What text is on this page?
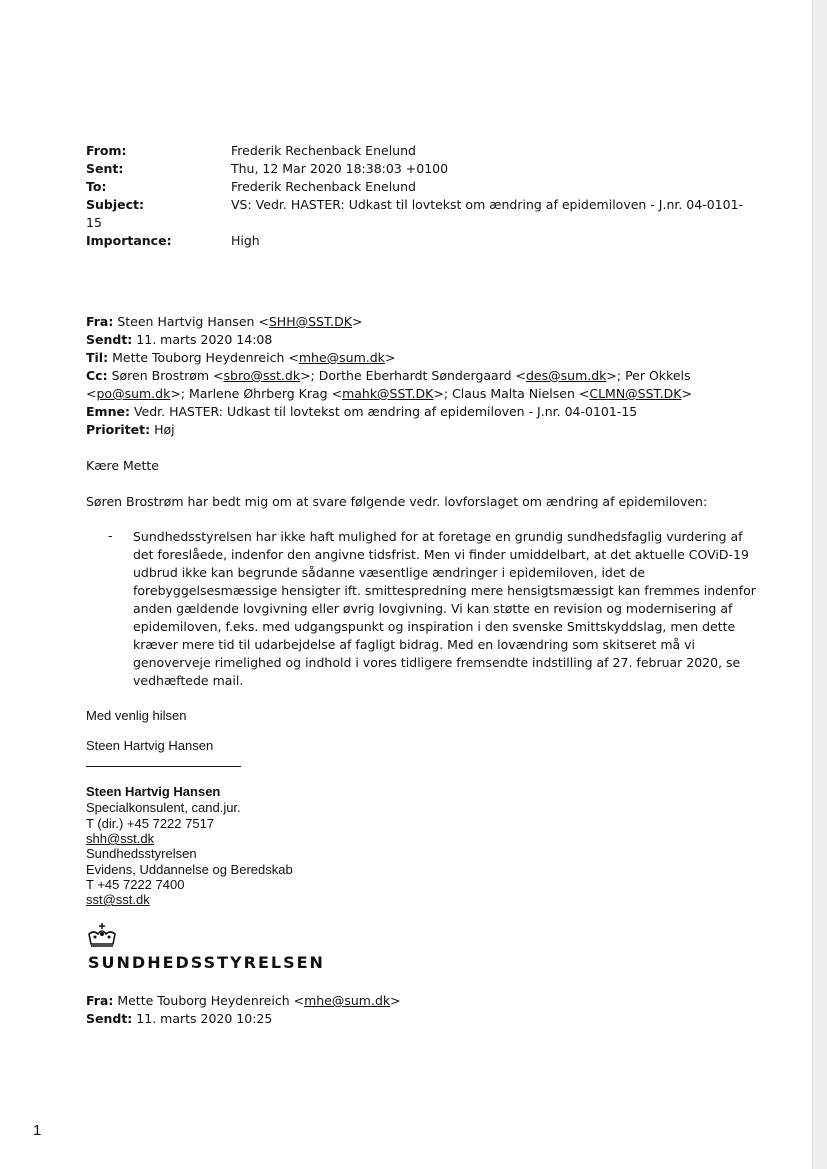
From:	Frederik Rechenback Enelund
Sent:	Thu, 12 Mar 2020 18:38:03 +0100
To:	Frederik Rechenback Enelund
Subject:	VS: Vedr. HASTER: Udkast til lovtekst om ændring af epidemiloven - J.nr. 04-0101-
15
Importance:	High
Fra: Steen Hartvig Hansen <SHH@SST.DK>
Sendt: 11. marts 2020 14:08
Til: Mette Touborg Heydenreich <mhe@sum.dk>
Cc: Søren Brostrøm <sbro@sst.dk>; Dorthe Eberhardt Søndergaard <des@sum.dk>; Per Okkels
<po@sum.dk>; Marlene Øhrberg Krag <mahk@SST.DK>; Claus Malta Nielsen <CLMN@SST.DK>
Emne: Vedr. HASTER: Udkast til lovtekst om ændring af epidemiloven - J.nr. 04-0101-15
Prioritet: Høj
Kære Mette
Søren Brostrøm har bedt mig om at svare følgende vedr. lovforslaget om ændring af epidemiloven:
- Sundhedsstyrelsen har ikke haft mulighed for at foretage en grundig sundhedsfaglig vurdering af
det foreslåede, indenfor den angivne tidsfrist. Men vi finder umiddelbart, at det aktuelle COViD-19
udbrud ikke kan begrunde sådanne væsentlige ændringer i epidemiloven, idet de
forebyggelsesmæssige hensigter ift. smittespredning mere hensigtsmæssigt kan fremmes indenfor
anden gældende lovgivning eller øvrig lovgivning. Vi kan støtte en revision og modernisering af
epidemiloven, f.eks. med udgangspunkt og inspiration i den svenske Smittskyddslag, men dette
kræver mere tid til udarbejdelse af fagligt bidrag. Med en lovændring som skitseret må vi
genoverveje rimelighed og indhold i vores tidligere fremsendte indstilling af 27. februar 2020, se
vedhæftede mail.
Med venlig hilsen
Steen Hartvig Hansen
Steen Hartvig Hansen
Specialkonsulent, cand.jur.
T (dir.) +45 7222 7517
shh@sst.dk
Sundhedsstyrelsen
Evidens, Uddannelse og Beredskab
T +45 7222 7400
sst@sst.dk
SUNDHEDSSTYRELSEN
Fra: Mette Touborg Heydenreich <mhe@sum.dk>
Sendt: 11. marts 2020 10:25
1
